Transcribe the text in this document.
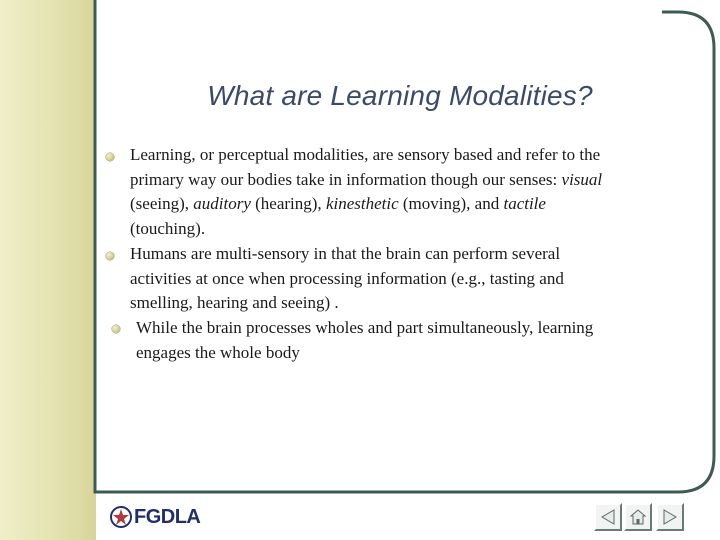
What are Learning Modalities?
Learning, or perceptual modalities, are sensory based and refer to the
primary way our bodies take in information though our senses: visual
(seeing), auditory (hearing), kinesthetic (moving), and tactile
(touching).
Humans are multi-sensory in that the brain can perform several
activities at once when processing information (e.g., tasting and
smelling, hearing and seeing) .
While the brain processes wholes and part simultaneously, learning
engages the whole body
FGDLA
